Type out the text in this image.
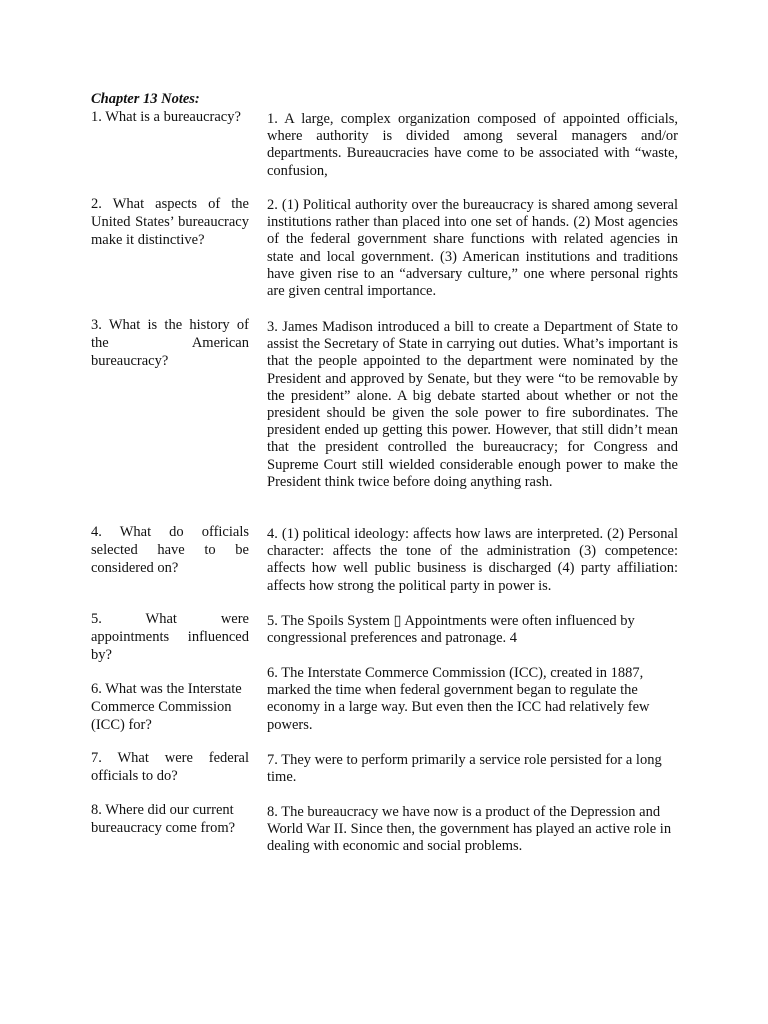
Chapter 13 Notes:
1. What is a bureaucracy?	1. A large, complex organization composed of appointed officials, where authority is divided among several managers and/or departments. Bureaucracies have come to be associated with “waste, confusion,
2. What aspects of the United States’ bureaucracy make it distinctive?
2. (1) Political authority over the bureaucracy is shared among several institutions rather than placed into one set of hands. (2) Most agencies of the federal government share functions with related agencies in state and local government. (3) American institutions and traditions have given rise to an “adversary culture,” one where personal rights are given central importance.
3. What is the history of the American bureaucracy?
3. James Madison introduced a bill to create a Department of State to assist the Secretary of State in carrying out duties. What’s important is that the people appointed to the department were nominated by the President and approved by Senate, but they were “to be removable by the president” alone. A big debate started about whether or not the president should be given the sole power to fire subordinates. The president ended up getting this power. However, that still didn’t mean that the president controlled the bureaucracy; for Congress and Supreme Court still wielded considerable enough power to make the President think twice before doing anything rash.
4. What do officials selected have to be considered on?
4. (1) political ideology: affects how laws are interpreted. (2) Personal character: affects the tone of the administration (3) competence: affects how well public business is discharged (4) party affiliation: affects how strong the political party in power is.
5. What were appointments influenced by?
5. The Spoils System ▯ Appointments were often influenced by congressional preferences and patronage. 4
6. What was the Interstate Commerce Commission (ICC) for?
6. The Interstate Commerce Commission (ICC), created in 1887, marked the time when federal government began to regulate the economy in a large way. But even then the ICC had relatively few powers.
7. What were federal officials to do?
7. They were to perform primarily a service role persisted for a long time.
8. Where did our current bureaucracy come from?
8. The bureaucracy we have now is a product of the Depression and World War II. Since then, the government has played an active role in dealing with economic and social problems.
